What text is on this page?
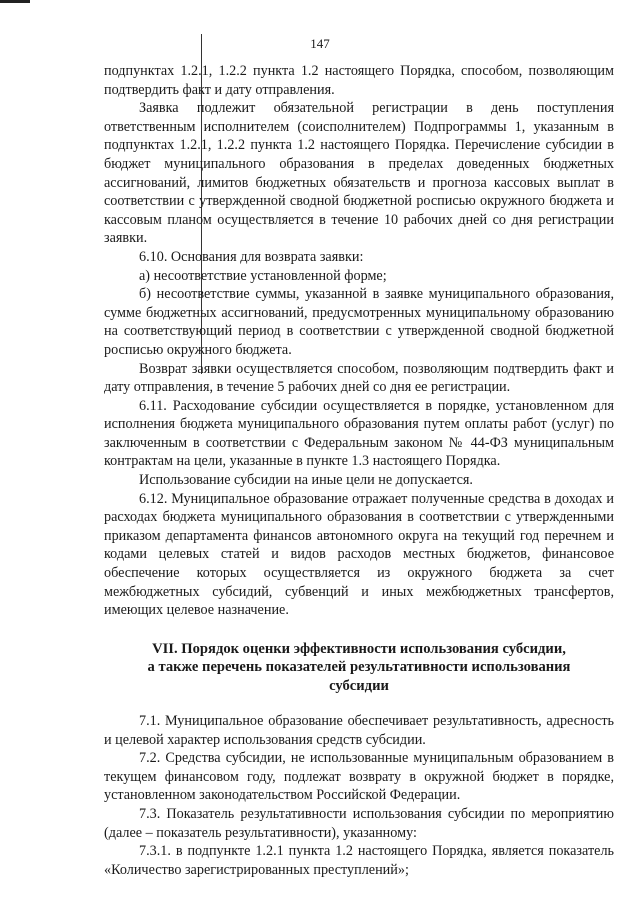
147

подпунктах 1.2.1, 1.2.2 пункта 1.2 настоящего Порядка, способом, позволяющим подтвердить факт и дату отправления.

Заявка подлежит обязательной регистрации в день поступления ответственным исполнителем (соисполнителем) Подпрограммы 1, указанным в подпунктах 1.2.1, 1.2.2 пункта 1.2 настоящего Порядка. Перечисление субсидии в бюджет муниципального образования в пределах доведенных бюджетных ассигнований, лимитов бюджетных обязательств и прогноза кассовых выплат в соответствии с утвержденной сводной бюджетной росписью окружного бюджета и кассовым планом осуществляется в течение 10 рабочих дней со дня регистрации заявки.

6.10. Основания для возврата заявки:

а) несоответствие установленной форме;

б) несоответствие суммы, указанной в заявке муниципального образования, сумме бюджетных ассигнований, предусмотренных муниципальному образованию на соответствующий период в соответствии с утвержденной сводной бюджетной росписью окружного бюджета.

Возврат заявки осуществляется способом, позволяющим подтвердить факт и дату отправления, в течение 5 рабочих дней со дня ее регистрации.

6.11. Расходование субсидии осуществляется в порядке, установленном для исполнения бюджета муниципального образования путем оплаты работ (услуг) по заключенным в соответствии с Федеральным законом № 44-ФЗ муниципальным контрактам на цели, указанные в пункте 1.3 настоящего Порядка.

Использование субсидии на иные цели не допускается.

6.12. Муниципальное образование отражает полученные средства в доходах и расходах бюджета муниципального образования в соответствии с утвержденными приказом департамента финансов автономного округа на текущий год перечнем и кодами целевых статей и видов расходов местных бюджетов, финансовое обеспечение которых осуществляется из окружного бюджета за счет межбюджетных субсидий, субвенций и иных межбюджетных трансфертов, имеющих целевое назначение.

VII. Порядок оценки эффективности использования субсидии,
а также перечень показателей результативности использования
субсидии

7.1. Муниципальное образование обеспечивает результативность, адресность и целевой характер использования средств субсидии.

7.2. Средства субсидии, не использованные муниципальным образованием в текущем финансовом году, подлежат возврату в окружной бюджет в порядке, установленном законодательством Российской Федерации.

7.3. Показатель результативности использования субсидии по мероприятию (далее – показатель результативности), указанному:

7.3.1. в подпункте 1.2.1 пункта 1.2 настоящего Порядка, является показатель «Количество зарегистрированных преступлений»;
